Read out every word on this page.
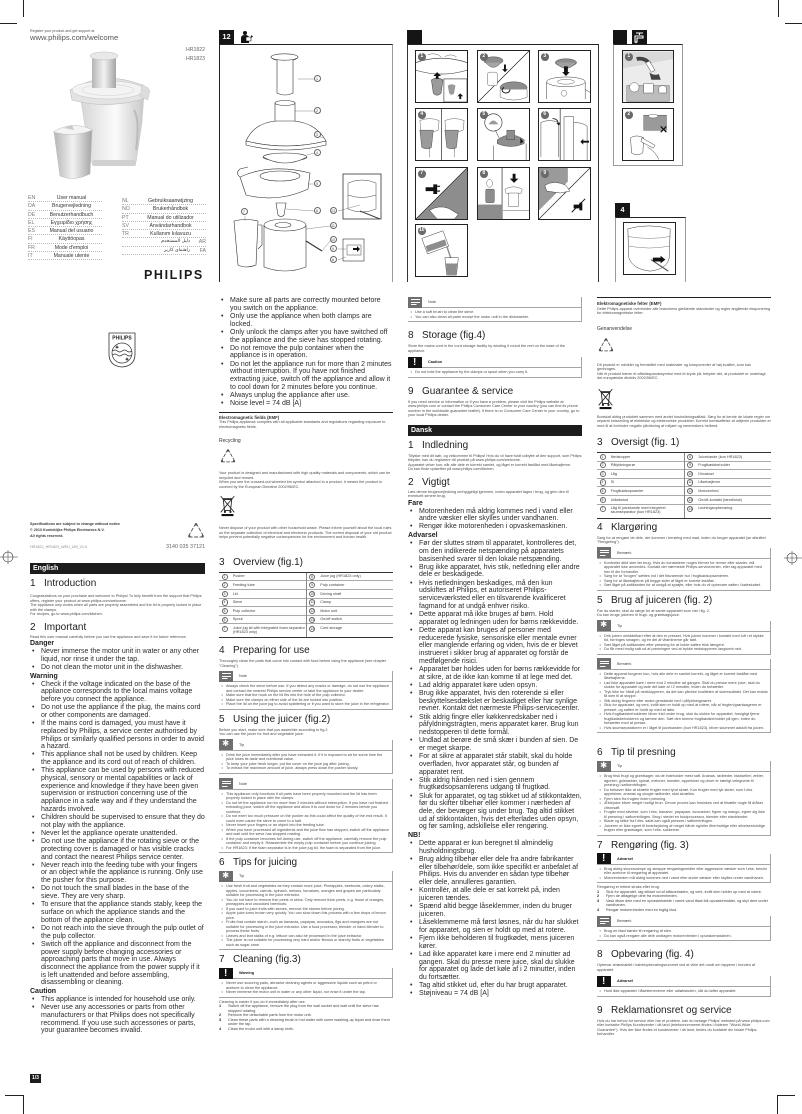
Register your product and get support at
www.philips.com/welcome
HR1822
HR1823
EN	User manual
DA	Brugervejledning
DE	Benutzerhandbuch
EL	Εγχειρίδιο χρήσης
ES	Manual del usuario
FI	Käyttöopas
FR	Mode d'emploi
IT	Manuale utente
NL	Gebruiksaanwijzing
NO	Brukerhåndbok
PT	Manual do utilizador
SV	Användarhandbok
TR	Kullanım kılavuzu
دليل المستخدم	AR
راهنمای کاربر	FA
PHILIPS
PHILIPS
Specifications are subject to change without notice
© 2013 Koninklijke Philips Electronics N.V.
All rights reserved.
HR1822_HR1823_WEU_UM_V1.0	3140 035 37121
12
1
2
3
4
5
6
7	13
11
10
9
8
1	2	3
4	5	6
7	8	9
10
1
2
4
English
1 Introduction

Congratulations on your purchase and welcome to Philips! To fully benefit from the support that Philips offers, register your product at www.philips.com/welcome.

The appliance only works when all parts are properly assembled and the lid is properly locked in place with the clamps.

For recipes, go to www.philips.com/kitchen.

2 Important

Read this user manual carefully before you use the appliance and save it for future reference.

Danger
• Never immerse the motor unit in water or any other liquid, nor rinse it under the tap.
• Do not clean the motor unit in the dishwasher.
Warning
• Check if the voltage indicated on the base of the appliance corresponds to the local mains voltage before you connect the appliance.
• Do not use the appliance if the plug, the mains cord or other components are damaged.
• If the mains cord is damaged, you must have it replaced by Philips, a service center authorised by Philips or similarly qualified persons in order to avoid a hazard.
• This appliance shall not be used by children. Keep the appliance and its cord out of reach of children.
• This appliance can be used by persons with reduced physical, sensory or mental capabilities or lack of experience and knowledge if they have been given supervision or instruction concerning use of the appliance in a safe way and if they understand the hazards involved.
• Children should be supervised to ensure that they do not play with the appliance.
• Never let the appliance operate unattended.
• Do not use the appliance if the rotating sieve or the protecting cover is damaged or has visible cracks and contact the nearest Philips service center.
• Never reach into the feeding tube with your fingers or an object while the appliance is running. Only use the pusher for this purpose.
• Do not touch the small blades in the base of the sieve. They are very sharp.
• To ensure that the appliance stands stably, keep the surface on which the appliance stands and the bottom of the appliance clean.
• Do not reach into the sieve through the pulp outlet of the pulp collector.
• Switch off the appliance and disconnect from the power supply before changing accessories or approaching parts that move in use. Always disconnect the appliance from the power supply if it is left unattended and before assembling, disassembling or cleaning.
Caution
• This appliance is intended for household use only.
• Never use any accessories or parts from other manufacturers or that Philips does not specifically recommend. If you use such accessories or parts, your guarantee becomes invalid.
1/3
• Make sure all parts are correctly mounted before you switch on the appliance.
• Only use the appliance when both clamps are locked.
• Only unlock the clamps after you have switched off the appliance and the sieve has stopped rotating.
• Do not remove the pulp container when the appliance is in operation.
• Do not let the appliance run for more than 2 minutes without interruption. If you have not finished extracting juice, switch off the appliance and allow it to cool down for 2 minutes before you continue.
• Always unplug the appliance after use.
• Noise level = 74 dB [A]
Electromagnetic fields (EMF)

This Philips appliance complies with all applicable standards and regulations regarding exposure to electromagnetic fields.

Recycling

Your product is designed and manufactured with high quality materials and components, which can be recycled and reused.

When you see the crossed-out wheeled bin symbol attached to a product, it means the product is covered by the European Directive 2002/96/EC.

Never dispose of your product with other household waste. Please inform yourself about the local rules on the separate collection of electrical and electronic products. The correct disposal of your old product helps prevent potentially negative consequences for the environment and human health.

3 Overview (fig.1)
1	Pusher
2	Feeding tube
3	Lid
4	Sieve
5	Pulp collector
6	Spout
7	Juice jug lid with integrated foam separator (HR1823 only)
8	Juice jug (HR1823 only)
9	Pulp container
10	Driving shaft
11	Clamp
12	Motor unit
13	On/off switch
14	Cord storage
4 Preparing for use

Thoroughly clean the parts that come into contact with food before using the appliance (see chapter "Cleaning").

Note
• Always check the sieve before use. If you detect any cracks or damage, do not use the appliance and contact the nearest Philips service center or take the appliance to your dealer.
• Make sure that the hook on the lid fits into the hole of the pulp collector.
• Make sure the clamps on either side of the lid are locked into position.
• Place the lid on the juice jug to avoid splattering or if you want to store the juice in the refrigerator.
5 Using the juicer (fig.2)

Before you start, make sure that you assemble according to fig.2.

You can use the juicer for fruit and vegetable juice.

✱
Tip
• Drink the juice immediately after you have extracted it. If it is exposed to air for some time the juice loses its taste and nutritional value.
• To keep your juice fresh longer, put the cover on the juice jug after juicing.
• To extract the maximum amount of juice, always press down the pusher slowly.
Note
• This appliance only functions if all parts have been properly mounted and the lid has been properly locked in place with the clamps.
• Do not let the appliance run for more than 2 minutes without interruption. If you have not finished extracting juice, switch off the appliance and allow it to cool down for 2 minutes before you continue.
• Do not exert too much pressure on the pusher as this could affect the quality of the end result. It could even cause the sieve to come to a halt.
• Never insert your fingers or an object into the feeding tube.
• When you have processed all ingredients and the juice flow has stopped, switch off the appliance and wait until the sieve has stopped rotating.
• If the pulp container becomes full during use, switch off the appliance, carefully remove the pulp container and empty it. Reassemble the empty pulp container before you continue juicing.
• For HR1823: if the foam separator is in the juice jug lid, the foam is separated from the juice.
6 Tips for juicing
✱
Tip
• Use fresh fruit and vegetables as they contain more juice. Pineapples, beetroots, celery stalks, apples, cucumbers, carrots, spinach, melons, tomatoes, oranges and grapes are particularly suitable for processing in the juice extractor.
• You do not have to remove thin peels or skins. Only remove thick peels, e.g. those of oranges, pineapples and uncooked beetroots.
• If you want to juice fruits with stones, remove the stones before juicing.
• Apple juice turns brown very quickly. You can slow down this process with a few drops of lemon juice.
• Fruits that contain starch, such as bananas, papayas, avocados, figs and mangoes are not suitable for processing in the juice extractor. Use a food processor, blender or hand blender to process these fruits.
• Leaves and leaf stalks of e.g. lettuce can also be processed in the juice extractor.
• The juicer is not suitable for processing very hard and/or fibrous or starchy fruits or vegetables such as sugar cane.
7 Cleaning (fig.3)
!
Warning
• Never use scouring pads, abrasive cleaning agents or aggressive liquids such as petrol or acetone to clean the appliance.
• Never immerse the motor unit in water or any other liquid, nor rinse it under the tap.

Cleaning is easier if you do it immediately after use.

1	Switch off the appliance, remove the plug from the wall socket and wait until the sieve has stopped rotating.
2	Remove the detachable parts from the motor unit.
3	Clean these parts with a cleaning brush in hot water with some washing-up liquid and rinse them under the tap.
4	Clean the motor unit with a damp cloth.
Note
• Use a soft brush to clean the sieve.
• You can also clean all parts except the motor unit in the dishwasher.
8 Storage (fig.4)

Store the mains cord in the cord storage facility by winding it round the reel on the base of the appliance.

!
Caution
• Do not hold the appliance by the clamps or spout when you carry it.
9 Guarantee & service

If you need service or information or if you have a problem, please visit the Philips website at www.philips.com or contact the Philips Consumer Care Center in your country (you can find its phone number in the worldwide guarantee leaflet). If there is no Consumer Care Center in your country, go to your local Philips dealer.

Dansk
1 Indledning

Tillykke med dit køb, og velkommen til Philips! Hvis du vil have fuldt udbytte af den support, som Philips tilbyder, kan du registrere dit produkt på www.philips.com/welcome.

Apparatet virker kun, når alle dele er korrekt samlet, og låget er korrekt fastlåst med låsebøjlerne.

Du kan finde opskrifter på www.philips.com/kitchen.

2 Vigtigt

Læs denne brugervejledning omhyggeligt igennem, inden apparatet tages i brug, og gem den til eventuelt senere brug.

Fare
• Motorenheden må aldrig kommes ned i vand eller andre væsker eller skylles under vandhanen.
• Rengør ikke motorenheden i opvaskemaskinen.
Advarsel
• Før der sluttes strøm til apparatet, kontrolleres det, om den indikerede netspænding på apparatets basisenhed svarer til den lokale netspænding.
• Brug ikke apparatet, hvis stik, netledning eller andre dele er beskadigede.
• Hvis netledningen beskadiges, må den kun udskiftes af Philips, et autoriseret Philips-serviceværksted eller en tilsvarende kvalificeret fagmand for at undgå enhver risiko.
• Dette apparat må ikke bruges af børn. Hold apparatet og ledningen uden for børns rækkevidde.
• Dette apparat kan bruges af personer med reducerede fysiske, sensoriske eller mentale evner eller manglende erfaring og viden, hvis de er blevet instrueret i sikker brug af apparatet og forstår de medfølgende risici.
• Apparatet bør holdes uden for børns rækkevidde for at sikre, at de ikke kan komme til at lege med det.
• Lad aldrig apparatet køre uden opsyn.
• Brug ikke apparatet, hvis den roterende si eller beskyttelsesdækslet er beskadiget eller har synlige revner. Kontakt det nærmeste Philips-servicecenter.
• Stik aldrig fingre eller køkkenredskaber ned i påfyldningstragten, mens apparatet kører. Brug kun nedstopperen til dette formål.
• Undlad at berøre de små skær i bunden af sien. De er meget skarpe.
• For at sikre at apparatet står stabilt, skal du holde overfladen, hvor apparatet står, og bunden af apparatet rent.
• Stik aldrig hånden ned i sien gennem frugtkødsopsamlerens udgang til frugtkød.
• Sluk for apparatet, og tag stikket ud af stikkontakten, før du skifter tilbehør eller kommer i nærheden af dele, der bevæger sig under brug. Tag altid stikket ud af stikkontakten, hvis det efterlades uden opsyn, og før samling, adskillelse eller rengøring.
NB!
• Dette apparat er kun beregnet til almindelig husholdningsbrug.
• Brug aldrig tilbehør eller dele fra andre fabrikanter eller tilbehør/dele, som ikke specifikt er anbefalet af Philips. Hvis du anvender en sådan type tilbehør eller dele, annulleres garantien.
• Kontrollér, at alle dele er sat korrekt på, inden juiceren tændes.
• Spænd altid begge låseklemmer, inden du bruger juiceren.
• Låseklemmerne må først løsnes, når du har slukket for apparatet, og sien er holdt op med at rotere.
• Fjern ikke beholderen til frugtkødet, mens juiceren kører.
• Lad ikke apparatet køre i mere end 2 minutter ad gangen. Skal du presse mere juice, skal du slukke for apparatet og lade det køle af i 2 minutter, inden du fortsætter.
• Tag altid stikket ud, efter du har brugt apparatet.
• Støjniveau = 74 dB [A]
Elektromagnetiske felter (EMF)

Dette Philips-apparat overholder alle branchens gældende standarder og regler angående eksponering for elektromagnetiske felter.

Genanvendelse

Dit produkt er udviklet og fremstillet med materialer og komponenter af høj kvalitet, som kan genbruges.

Når et produkt bærer et affaldsspandssymbol med et kryds på, betyder det, at produktet er underlagt det europæiske direktiv 2002/96/EC.

Bortskaf aldrig produktet sammen med andet husholdningsaffald. Sørg for at kende de lokale regler om separat indsamling af elektriske og elektroniske produkter. Korrekt bortskaffelse af udtjente produkter er med til at forhindre negativ påvirkning af miljøet og menneskers helbred.

3 Oversigt (fig. 1)
1	Nedstopper
2	Påfyldningsrør
3	Låg
4	Si
5	Frugtkødsopsamler
6	Udløbstud
7	Låg til juicekande med integreret skumseparator (kun HR1823)
8	Juicekande (kun HR1823)
9	Frugtkødsbeholder
10	Drivaksel
11	Låsebøjlerne
12	Motorenhed
13	On/off-kontakt (tænd/sluk)
14	Ledningsopbevaring
4 Klargøring

Sørg for at rengøre de dele, der kommer i berøring med mad, inden du bruger apparatet (se afsnittet "Rengøring").

Bemærk
• Kontroller altid sien før brug. Hvis du konstaterer nogen former for revner eller skader, må apparatet ikke anvendes. Kontakt det nærmeste Philips-servicecenter, eller tag apparatet med hen til din forhandler.
• Sørg for at "krogen" sættes ind i det tilsvarende hul i frugtkødsopsamleren.
• Sørg for at låsebøjlerne på begge sider af låget er korrekt fastlåst.
• Sæt låget på saftkanden for at undgå at sprøjte, eller hvis du vil opbevare saften i køleskabet.
5 Brug af juiceren (fig. 2)

Før du starter, skal du sørge for at samle apparatet som vist i fig. 2.

Du kan bruge juiceren til frugt- og grøntsagsjuice.

✱
Tip
• Drik juicen umiddelbart efter at den er presset. Hvis juicen kommer i kontakt med luft i et stykke tid, forringes smagen, og en del af vitaminerne går tabt.
• Sæt låget på saftkanden efter presning for at holde saften frisk længere.
• Du får mest mulig saft ud af presningen ved at trykke nedstopperen langsomt ned.
Bemærk
• Dette apparat fungerer kun, hvis alle dele er samlet korrekt, og låget er korrekt fastlåst med låsebøjlerne.
• Lad ikke apparatet køre i mere end 2 minutter ad gangen. Skal du presse mere juice, skal du slukke for apparatet og lade det køle af i 2 minutter, inden du fortsætter.
• Tryk ikke for hårdt på nedstopperen, da det kan påvirke kvaliteten af slutresultatet. Det kan endda få sien til at stoppe.
• Stik aldrig fingrene eller andre genstande ned i påfyldningsrøret.
• Sluk for apparatet, og vent, indtil sien er holdt op med at rotere, når al frugten/grøntsagerne er presset, og saften er holdt op med at løbe.
• Hvis frugtkødsbeholderen bliver fuld under brug, skal du slukke for apparatet, forsigtigt fjerne frugtkødsbeholderen og tømme den. Sæt den tomme frugtkødsbeholder på igen, inden du fortsætter med at presse.
• Hvis skumseparatoren er i låget til juicekanden (kun HR1823), bliver skummet adskilt fra juicen.
6 Tip til presning
✱
Tip
• Brug frisk frugt og grøntsager, da de indeholder mest saft. Ananas, rødbeder, bladselleri, æbler, agurker, gulerødder, spinat, meloner, tomater, appelsiner og druer er særligt velegnede til presning i saftcentrifugen.
• Du behøver ikke at skrælle frugter med tynd skræl. Kun frugter med tyk skræl, som f.eks. appelsiner, ananas og ukogte rødbeder, skal skrælles.
• Fjern sten fra frugten inden presning.
• Æblejuice bliver meget hurtigt brun. Denne proces kan forsinkes ved at tilsætte nogle få dråber citronsaft.
• Frugter med stivelse, som f.eks. bananer, papayaer, avocadoer, figner og mango, egner sig ikke til presning i saftcentrifugen. Brug i stedet en foodprocessor, blender eller stavblender.
• Blade og stilke fra f.eks. salat kan også presses i saftcentrifugen.
• Juiceren er ikke egnet til forarbejdning af meget hårde og/eller fiberholdige eller stivelsesholdige frugter eller grøntsager, som f.eks. sukkerrør.
7 Rengøring (fig. 3)
!
Advarsel
• Brug aldrig skuresvampe og skrappe rengøringsmidler eller aggressive væsker som f.eks. benzin eller acetone til rengøring af apparatet.
• Motorenheden må aldrig kommes ned i vand eller andre væsker eller skylles under vandhanen.

Rengøring er lettest straks efter brug.

1	Sluk for apparatet, tag stikket ud af stikkontakten, og vent, indtil sien holder op med at rotere.
2	Fjern de aftagelige dele fra motorenheden.
3	Vask disse dele med en opvaskebørste i varmt vand tilsat lidt opvaskemiddel, og skyl dem under vandhanen.
4	Rengør motorenheden med en fugtig klud.
Bemærk
• Brug en blød børste til rengøring af sien.
• Du kan også rengøre alle dele undtagen motorenheden i opvaskemaskinen.
8 Opbevaring (fig. 4)

Opbevar strømkablet i kabelopbevaringsrummet ved at vikle det rundt om tappene i bunden af apparatet.

!
Advarsel
• Hold ikke apparatet i låseklemmerne eller udløbstuden, når du løfter apparatet.
9 Reklamationsret og service

Hvis du har behov for service eller har et problem, kan du besøge Philips' websted på www.philips.com eller kontakte Philips Kundecenter i dit land (telefonnummeret findes i folderen "World-Wide Guarantee"). Hvis der ikke findes et kundecenter i dit land, bedes du kontakte din lokale Philips-forhandler.
